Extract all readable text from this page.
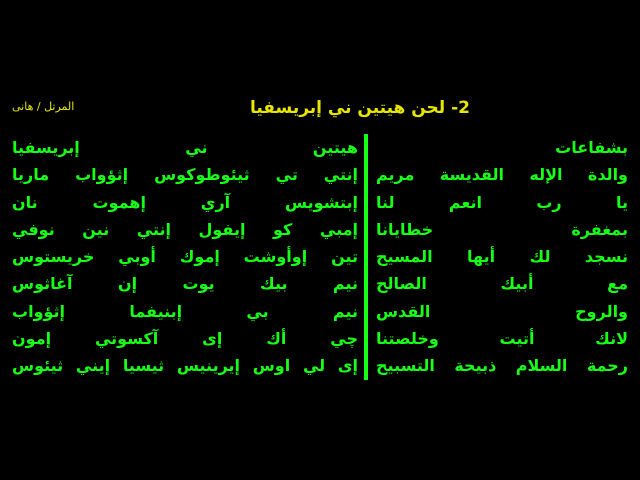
المرتل / هانى	2- لحن هيتين ني إبريسفيا
هيتين ني إبريسفيا
إنتي تي ثيئوطوكوس إثؤواب ماريا
إبتشويس آري إهموت نان
إمبي كو إيفول إنتي نين نوفي
تين إوأوشت إموك أوبي خريستوس
نيم بيك يوت إن آغاثوس
نيم بي إبنيفما إثؤواب
چي أك إى آكسوتي إمون
إى لي اوس إيرينيس ثيسيا إيني ثيئوس
بشفاعات
والدة الإله القديسة مريم
يا رب انعم لنا
بمغفرة خطايانا
نسجد لك أيها المسيح
مع أبيك الصالح
والروح القدس
لانك أتيت وخلصتنا
رحمة السلام ذبيحة التسبيح
